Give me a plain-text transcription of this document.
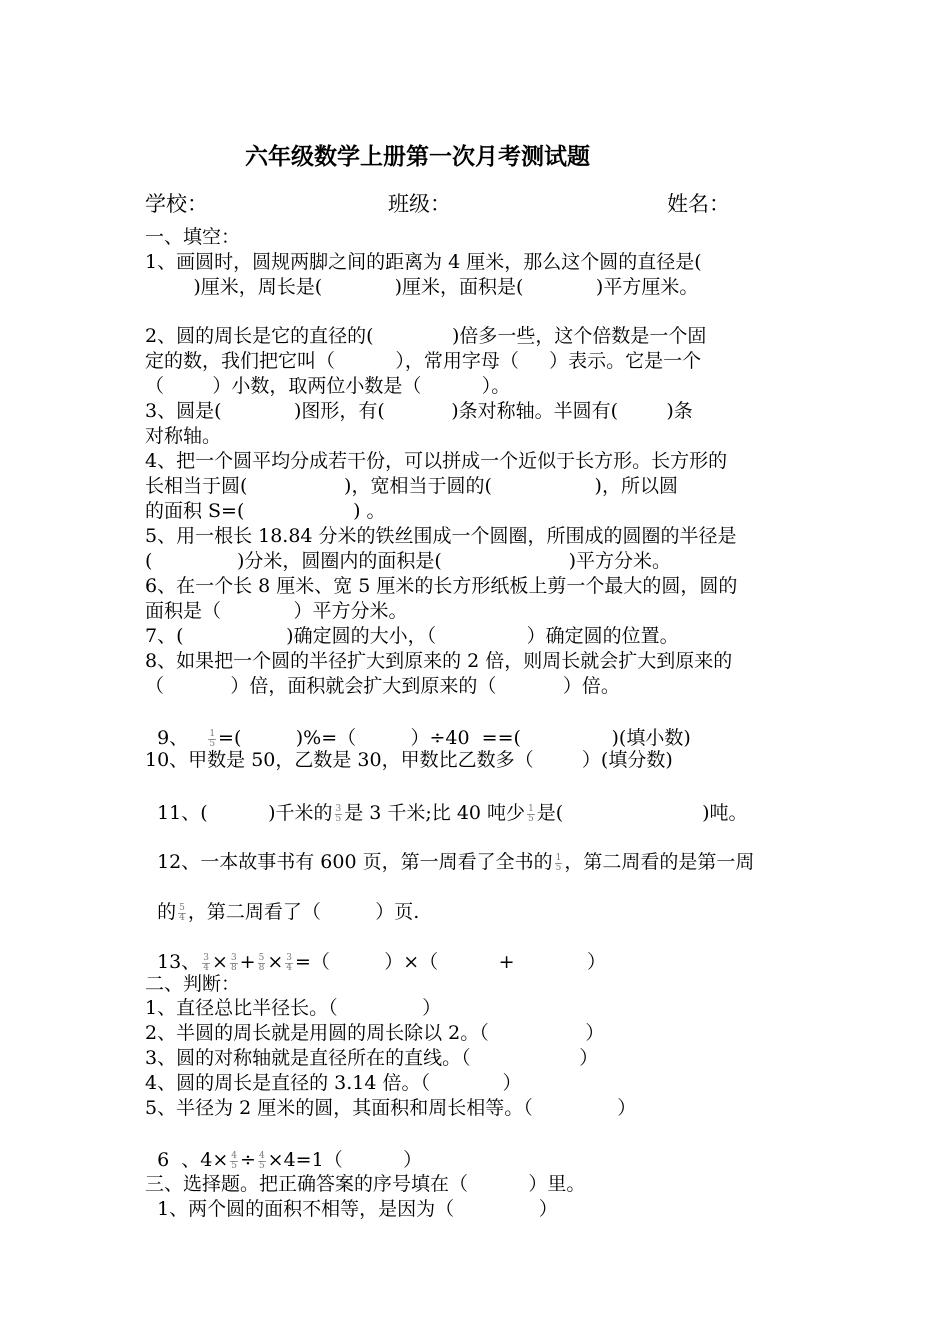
六年级数学上册第一次月考测试题
学校：	班级：	姓名：
一、填空：
1、画圆时，圆规两脚之间的距离为 4 厘米，那么这个圆的直径是(
)厘米，周长是(            )厘米，面积是(            )平方厘米。
2、圆的周长是它的直径的(             )倍多一些，这个倍数是一个固
定的数，我们把它叫（          ），常用字母（     ）表示。它是一个
（        ）小数，取两位小数是（          ）。
3、圆是(            )图形，有(           )条对称轴。半圆有(        )条
对称轴。
4、把一个圆平均分成若干份，可以拼成一个近似于长方形。长方形的
长相当于圆(                )，宽相当于圆的(                 )，所以圆
的面积 S=(                  ) 。
5、用一根长 18.84 分米的铁丝围成一个圆圈，所围成的圆圈的半径是
(              )分米，圆圈内的面积是(                     )平方分米。
6、在一个长 8 厘米、宽 5 厘米的长方形纸板上剪一个最大的圆，圆的
面积是（            ）平方分米。
7、(                 )确定圆的大小，（               ）确定圆的位置。
8、如果把一个圆的半径扩大到原来的 2 倍，则周长就会扩大到原来的
（           ）倍，面积就会扩大到原来的（           ）倍。

9、 $\frac{1}{5}$ =(         )%=（         ）÷40  ==(               )(填小数)

10、甲数是 50，乙数是 30，甲数比乙数多（        ）(填分数)

11、(          )千米的 $\frac{3}{5}$ 是 3 千米;比 40 吨少 $\frac{1}{5}$ 是(                       )吨。

12、一本故事书有 600 页，第一周看了全书的 $\frac{1}{5}$ ，第二周看的是第一周

的 $\frac{5}{4}$ ，第二周看了（         ）页.

13、 $\frac{3}{4} \times \frac{3}{8} + \frac{5}{8} \times \frac{3}{4}$ =（         ）×（          +            ）

二、判断：
1、直径总比半径长。（              ）
2、半圆的周长就是用圆的周长除以 2。（                ）
3、圆的对称轴就是直径所在的直线。（                  ）
4、圆的周长是直径的 3.14 倍。（            ）
5、半径为 2 厘米的圆，其面积和周长相等。（              ）

6  、$4\times \frac{4}{5} \div \frac{4}{5} \times 4=1$（          ）

三、选择题。把正确答案的序号填在（          ）里。
1、两个圆的面积不相等，是因为（              ）
